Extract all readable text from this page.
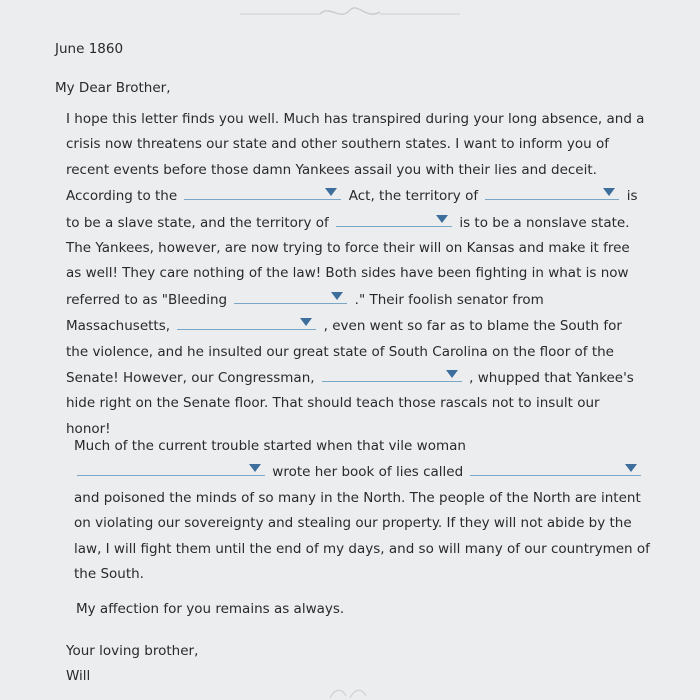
June 1860
My Dear Brother,
I hope this letter finds you well. Much has transpired during your long absence, and a crisis now threatens our state and other southern states. I want to inform you of recent events before those damn Yankees assail you with their lies and deceit. According to the	Act, the territory of	is to be a slave state, and the territory of	is to be a nonslave state. The Yankees, however, are now trying to force their will on Kansas and make it free as well! They care nothing of the law! Both sides have been fighting in what is now referred to as "Bleeding	." Their foolish senator from Massachusetts,	, even went so far as to blame the South for the violence, and he insulted our great state of South Carolina on the floor of the Senate! However, our Congressman,	, whupped that Yankee's hide right on the Senate floor. That should teach those rascals not to insult our honor!
Much of the current trouble started when that vile woman
wrote her book of lies called
and poisoned the minds of so many in the North. The people of the North are intent on violating our sovereignty and stealing our property. If they will not abide by the law, I will fight them until the end of my days, and so will many of our countrymen of the South.
My affection for you remains as always.
Your loving brother,
Will
